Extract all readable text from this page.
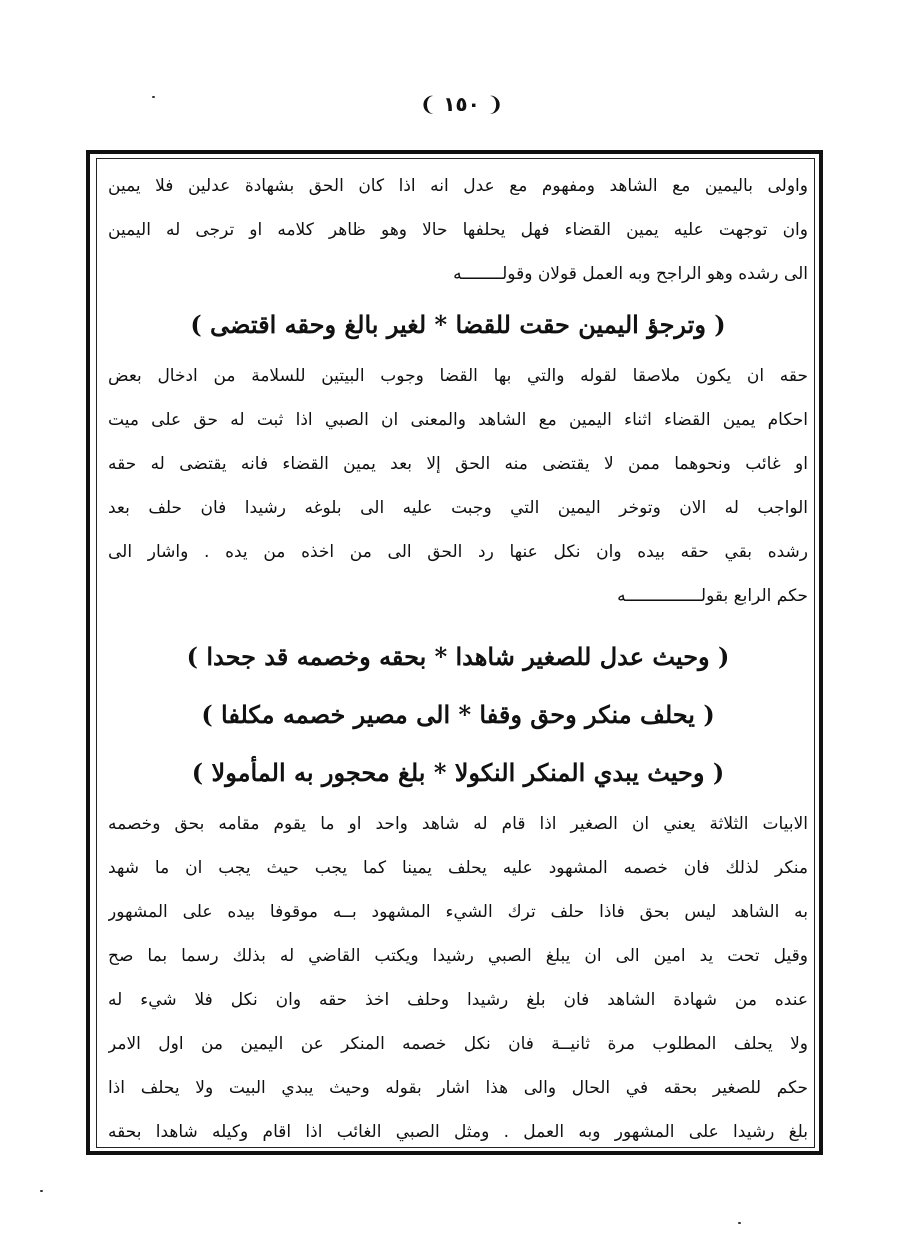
❨ ١٥٠ ❩
واولى باليمين مع الشاهد ومفهوم مع عدل انه اذا كان الحق بشهادة عدلين فلا يمين
وان توجهت عليه يمين القضاء فهل يحلفها حالا وهو ظاهر كلامه او ترجى له اليمين
الى رشده وهو الراجح وبه العمل قولان وقولــــــــه
( وترجؤ اليمين حقت للقضا * لغير بالغ وحقه اقتضى )
حقه ان يكون ملاصقا لقوله والتي بها القضا وجوب البيتين للسلامة من ادخال بعض
احكام يمين القضاء اثناء اليمين مع الشاهد والمعنى ان الصبي اذا ثبت له حق على ميت
او غائب ونحوهما ممن لا يقتضى منه الحق إلا بعد يمين القضاء فانه يقتضى له حقه
الواجب له الان وتوخر اليمين التي وجبت عليه الى بلوغه رشيدا فان حلف بعد
رشده بقي حقه بيده وان نكل عنها رد الحق الى من اخذه من يده . واشار الى
حكم الرابع بقولـــــــــــــــه
( وحيث عدل للصغير شاهدا * بحقه وخصمه قد جحدا )
( يحلف منكر وحق وقفا * الى مصير خصمه مكلفا )
( وحيث يبدي المنكر النكولا * بلغ محجور به المأمولا )
الابيات الثلاثة يعني ان الصغير اذا قام له شاهد واحد او ما يقوم مقامه بحق وخصمه
منكر لذلك فان خصمه المشهود عليه يحلف يمينا كما يجب حيث يجب ان ما شهد
به الشاهد ليس بحق فاذا حلف ترك الشيء المشهود بــه موقوفا بيده على المشهور
وقيل تحت يد امين الى ان يبلغ الصبي رشيدا ويكتب القاضي له بذلك رسما بما صح
عنده من شهادة الشاهد فان بلغ رشيدا وحلف اخذ حقه وان نكل فلا شيء له
ولا يحلف المطلوب مرة ثانيــة فان نكل خصمه المنكر عن اليمين من اول الامر
حكم للصغير بحقه في الحال والى هذا اشار بقوله وحيث يبدي البيت ولا يحلف اذا
بلغ رشيدا على المشهور وبه العمل . ومثل الصبي الغائب اذا اقام وكيله شاهدا بحقه
